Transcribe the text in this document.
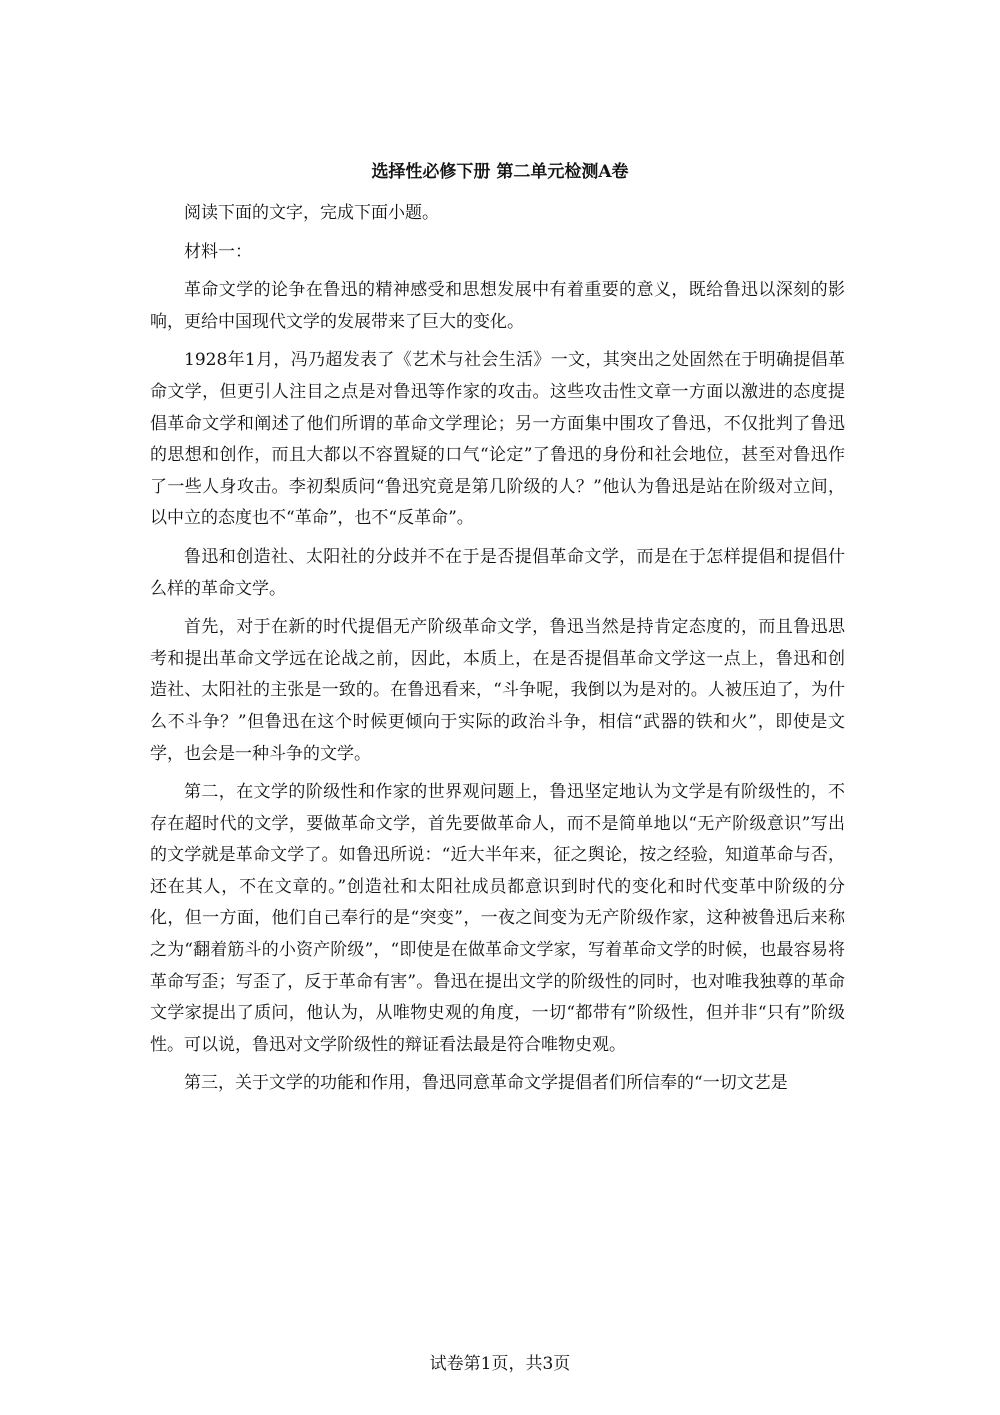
选择性必修下册 第二单元检测A卷

阅读下面的文字，完成下面小题。

材料一：

革命文学的论争在鲁迅的精神感受和思想发展中有着重要的意义，既给鲁迅以深刻的影响，更给中国现代文学的发展带来了巨大的变化。

1928年1月，冯乃超发表了《艺术与社会生活》一文，其突出之处固然在于明确提倡革命文学，但更引人注目之点是对鲁迅等作家的攻击。这些攻击性文章一方面以激进的态度提倡革命文学和阐述了他们所谓的革命文学理论；另一方面集中围攻了鲁迅，不仅批判了鲁迅的思想和创作，而且大都以不容置疑的口气“论定”了鲁迅的身份和社会地位，甚至对鲁迅作了一些人身攻击。李初梨质问“鲁迅究竟是第几阶级的人？”他认为鲁迅是站在阶级对立间，以中立的态度也不“革命”，也不“反革命”。

鲁迅和创造社、太阳社的分歧并不在于是否提倡革命文学，而是在于怎样提倡和提倡什么样的革命文学。

首先，对于在新的时代提倡无产阶级革命文学，鲁迅当然是持肯定态度的，而且鲁迅思考和提出革命文学远在论战之前，因此，本质上，在是否提倡革命文学这一点上，鲁迅和创造社、太阳社的主张是一致的。在鲁迅看来，“斗争呢，我倒以为是对的。人被压迫了，为什么不斗争？”但鲁迅在这个时候更倾向于实际的政治斗争，相信“武器的铁和火”，即使是文学，也会是一种斗争的文学。

第二，在文学的阶级性和作家的世界观问题上，鲁迅坚定地认为文学是有阶级性的，不存在超时代的文学，要做革命文学，首先要做革命人，而不是简单地以“无产阶级意识”写出的文学就是革命文学了。如鲁迅所说：“近大半年来，征之舆论，按之经验，知道革命与否，还在其人，不在文章的。”创造社和太阳社成员都意识到时代的变化和时代变革中阶级的分化，但一方面，他们自己奉行的是“突变”，一夜之间变为无产阶级作家，这种被鲁迅后来称之为“翻着筋斗的小资产阶级”，“即使是在做革命文学家，写着革命文学的时候，也最容易将革命写歪；写歪了，反于革命有害”。鲁迅在提出文学的阶级性的同时，也对唯我独尊的革命文学家提出了质问，他认为，从唯物史观的角度，一切“都带有”阶级性，但并非“只有”阶级性。可以说，鲁迅对文学阶级性的辩证看法最是符合唯物史观。

第三，关于文学的功能和作用，鲁迅同意革命文学提倡者们所信奉的“一切文艺是

试卷第1页，共3页
